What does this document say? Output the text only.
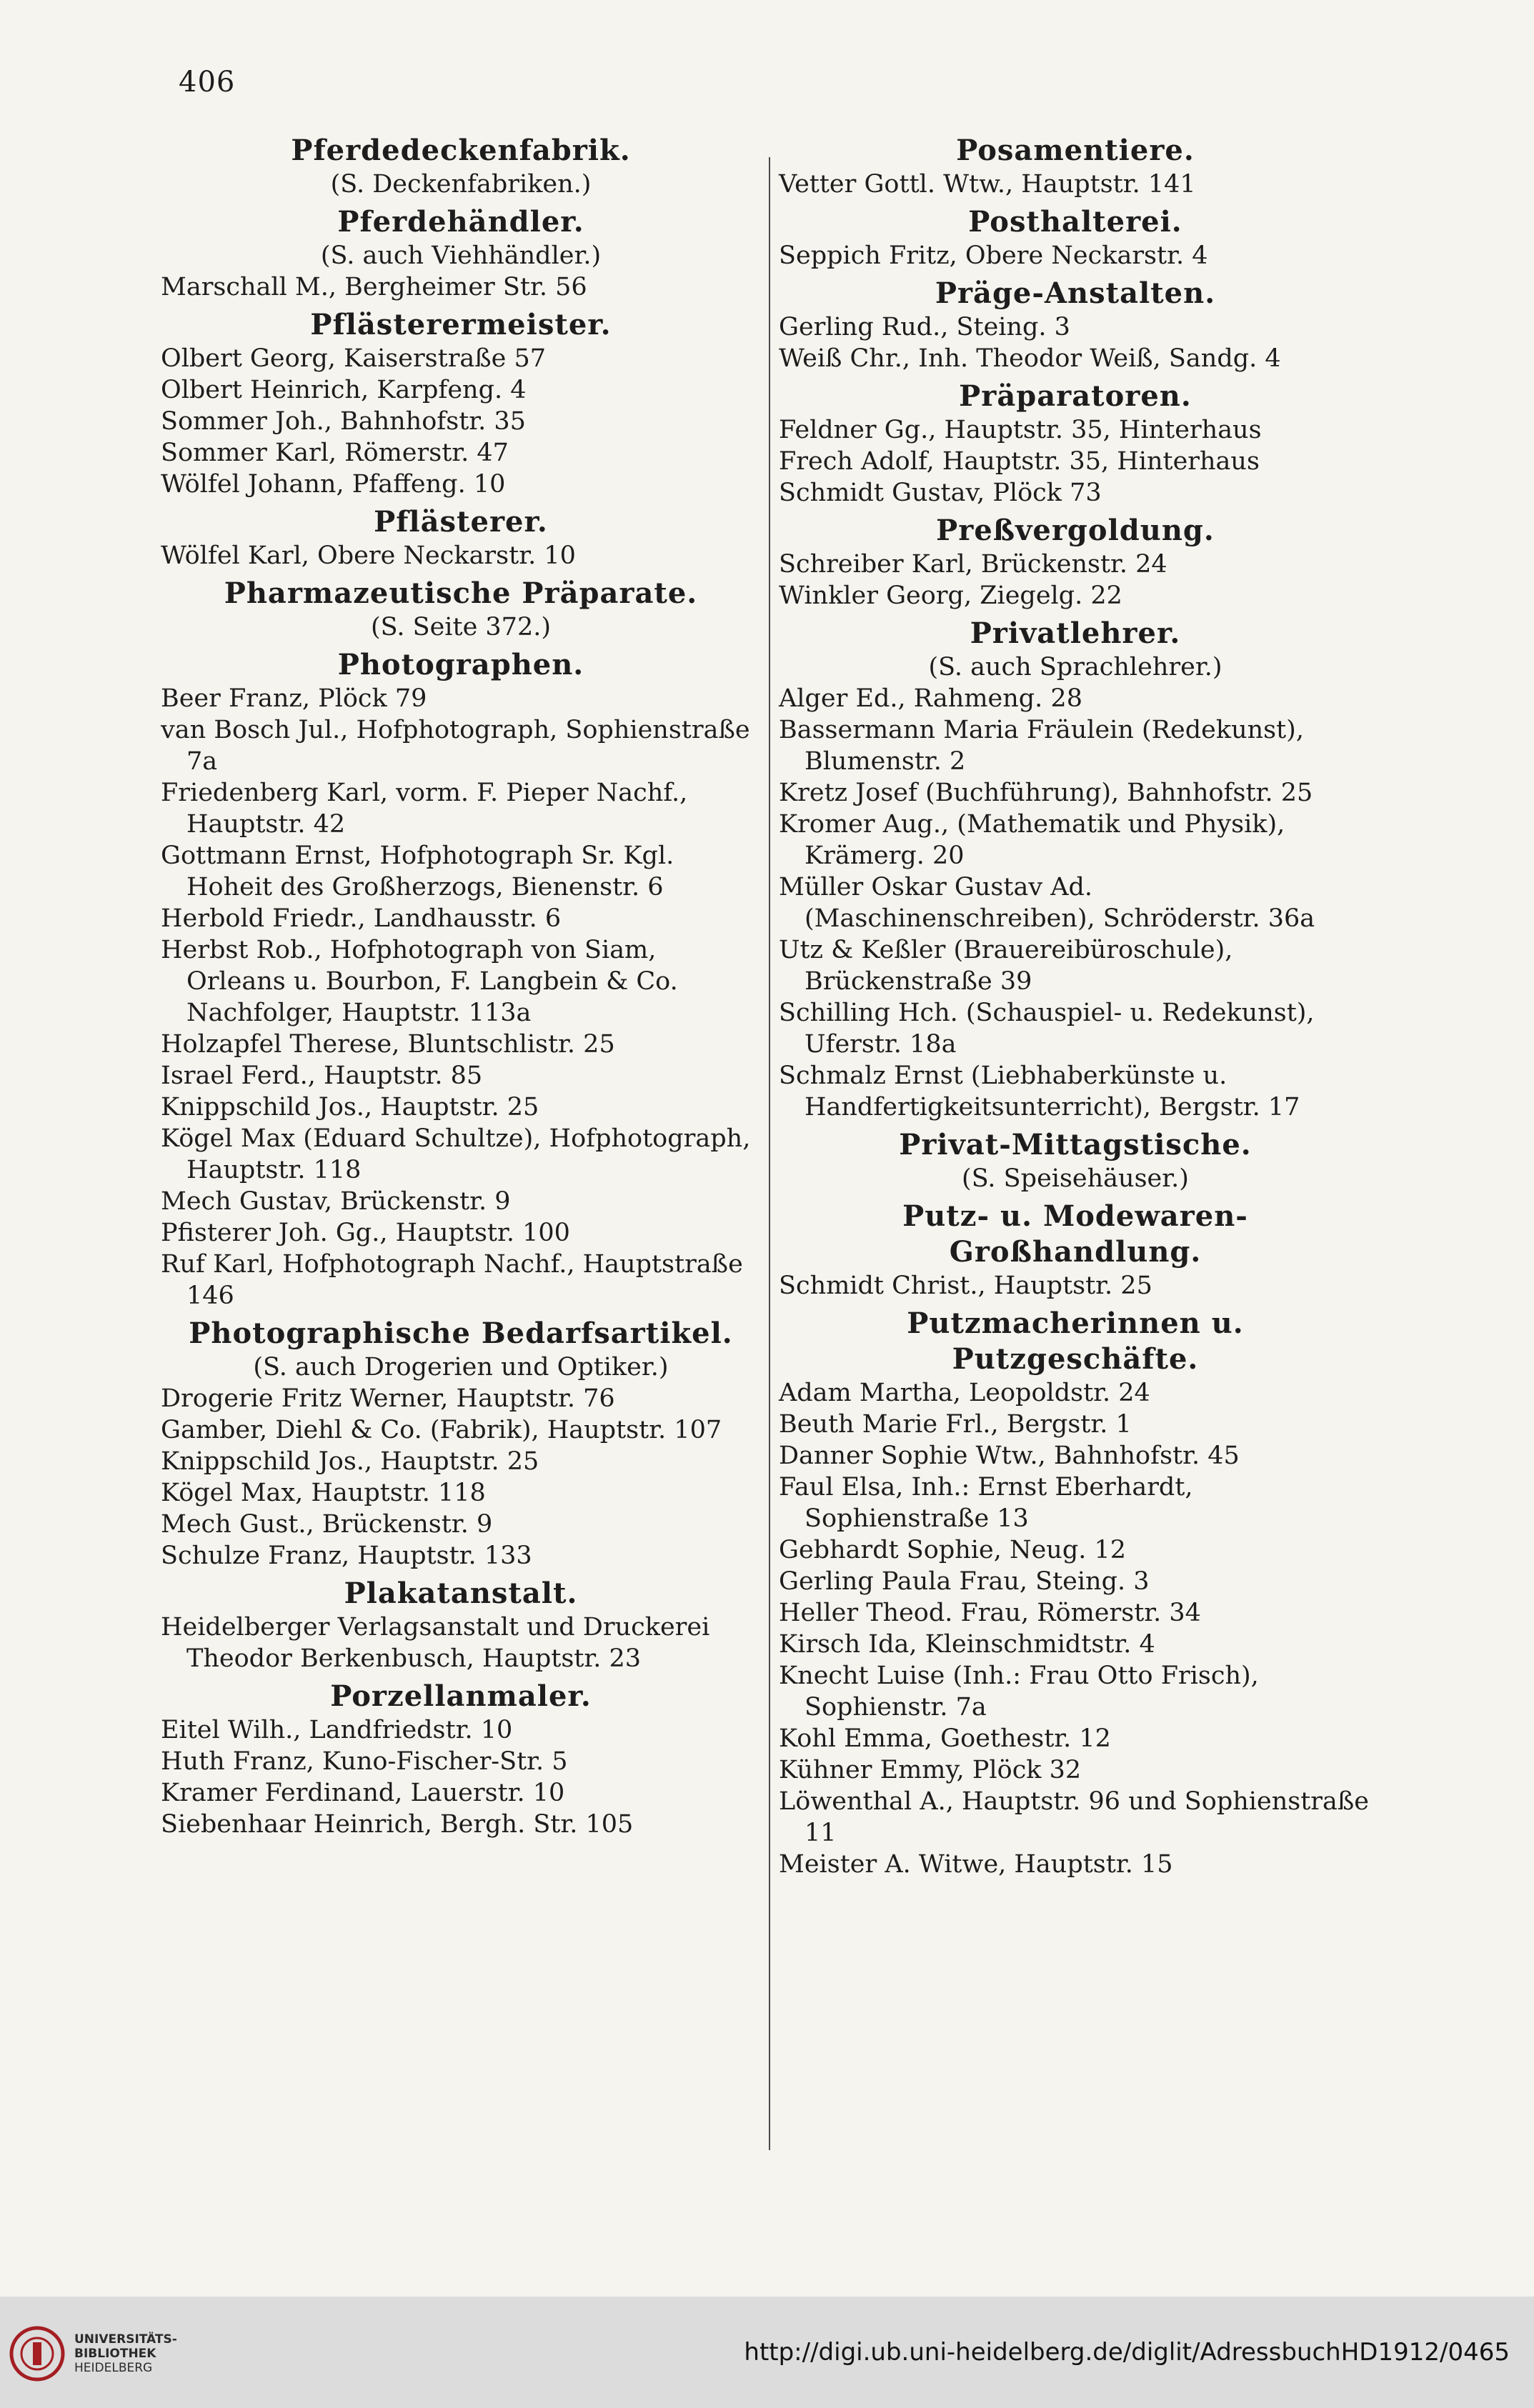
406
Pferdedeckenfabrik.
(S. Deckenfabriken.)
Pferdehändler.
(S. auch Viehhändler.)
Marschall M., Bergheimer Str. 56
Pflästerermeister.
Olbert Georg, Kaiserstraße 57
Olbert Heinrich, Karpfeng. 4
Sommer Joh., Bahnhofstr. 35
Sommer Karl, Römerstr. 47
Wölfel Johann, Pfaffeng. 10
Pflästerer.
Wölfel Karl, Obere Neckarstr. 10
Pharmazeutische Präparate.
(S. Seite 372.)
Photographen.
Beer Franz, Plöck 79
van Bosch Jul., Hofphotograph, Sophienstraße 7a
Friedenberg Karl, vorm. F. Pieper Nachf., Hauptstr. 42
Gottmann Ernst, Hofphotograph Sr. Kgl. Hoheit des Großherzogs, Bienenstr. 6
Herbold Friedr., Landhausstr. 6
Herbst Rob., Hofphotograph von Siam, Orleans u. Bourbon, F. Langbein & Co. Nachfolger, Hauptstr. 113a
Holzapfel Therese, Bluntschlistr. 25
Israel Ferd., Hauptstr. 85
Knippschild Jos., Hauptstr. 25
Kögel Max (Eduard Schultze), Hofphotograph, Hauptstr. 118
Mech Gustav, Brückenstr. 9
Pfisterer Joh. Gg., Hauptstr. 100
Ruf Karl, Hofphotograph Nachf., Hauptstraße 146
Photographische Bedarfsartikel.
(S. auch Drogerien und Optiker.)
Drogerie Fritz Werner, Hauptstr. 76
Gamber, Diehl & Co. (Fabrik), Hauptstr. 107
Knippschild Jos., Hauptstr. 25
Kögel Max, Hauptstr. 118
Mech Gust., Brückenstr. 9
Schulze Franz, Hauptstr. 133
Plakatanstalt.
Heidelberger Verlagsanstalt und Druckerei Theodor Berkenbusch, Hauptstr. 23
Porzellanmaler.
Eitel Wilh., Landfriedstr. 10
Huth Franz, Kuno-Fischer-Str. 5
Kramer Ferdinand, Lauerstr. 10
Siebenhaar Heinrich, Bergh. Str. 105
Posamentiere.
Vetter Gottl. Wtw., Hauptstr. 141
Posthalterei.
Seppich Fritz, Obere Neckarstr. 4
Präge-Anstalten.
Gerling Rud., Steing. 3
Weiß Chr., Inh. Theodor Weiß, Sandg. 4
Präparatoren.
Feldner Gg., Hauptstr. 35, Hinterhaus
Frech Adolf, Hauptstr. 35, Hinterhaus
Schmidt Gustav, Plöck 73
Preßvergoldung.
Schreiber Karl, Brückenstr. 24
Winkler Georg, Ziegelg. 22
Privatlehrer.
(S. auch Sprachlehrer.)
Alger Ed., Rahmeng. 28
Bassermann Maria Fräulein (Redekunst), Blumenstr. 2
Kretz Josef (Buchführung), Bahnhofstr. 25
Kromer Aug., (Mathematik und Physik), Krämerg. 20
Müller Oskar Gustav Ad. (Maschinenschreiben), Schröderstr. 36a
Utz & Keßler (Brauereibüroschule), Brückenstraße 39
Schilling Hch. (Schauspiel- u. Redekunst), Uferstr. 18a
Schmalz Ernst (Liebhaberkünste u. Handfertigkeitsunterricht), Bergstr. 17
Privat-Mittagstische.
(S. Speisehäuser.)
Putz- u. Modewaren-Großhandlung.
Schmidt Christ., Hauptstr. 25
Putzmacherinnen u. Putzgeschäfte.
Adam Martha, Leopoldstr. 24
Beuth Marie Frl., Bergstr. 1
Danner Sophie Wtw., Bahnhofstr. 45
Faul Elsa, Inh.: Ernst Eberhardt, Sophienstraße 13
Gebhardt Sophie, Neug. 12
Gerling Paula Frau, Steing. 3
Heller Theod. Frau, Römerstr. 34
Kirsch Ida, Kleinschmidtstr. 4
Knecht Luise (Inh.: Frau Otto Frisch), Sophienstr. 7a
Kohl Emma, Goethestr. 12
Kühner Emmy, Plöck 32
Löwenthal A., Hauptstr. 96 und Sophienstraße 11
Meister A. Witwe, Hauptstr. 15
UNIVERSITÄTS-
BIBLIOTHEK
HEIDELBERG
http://digi.ub.uni-heidelberg.de/diglit/AdressbuchHD1912/0465
